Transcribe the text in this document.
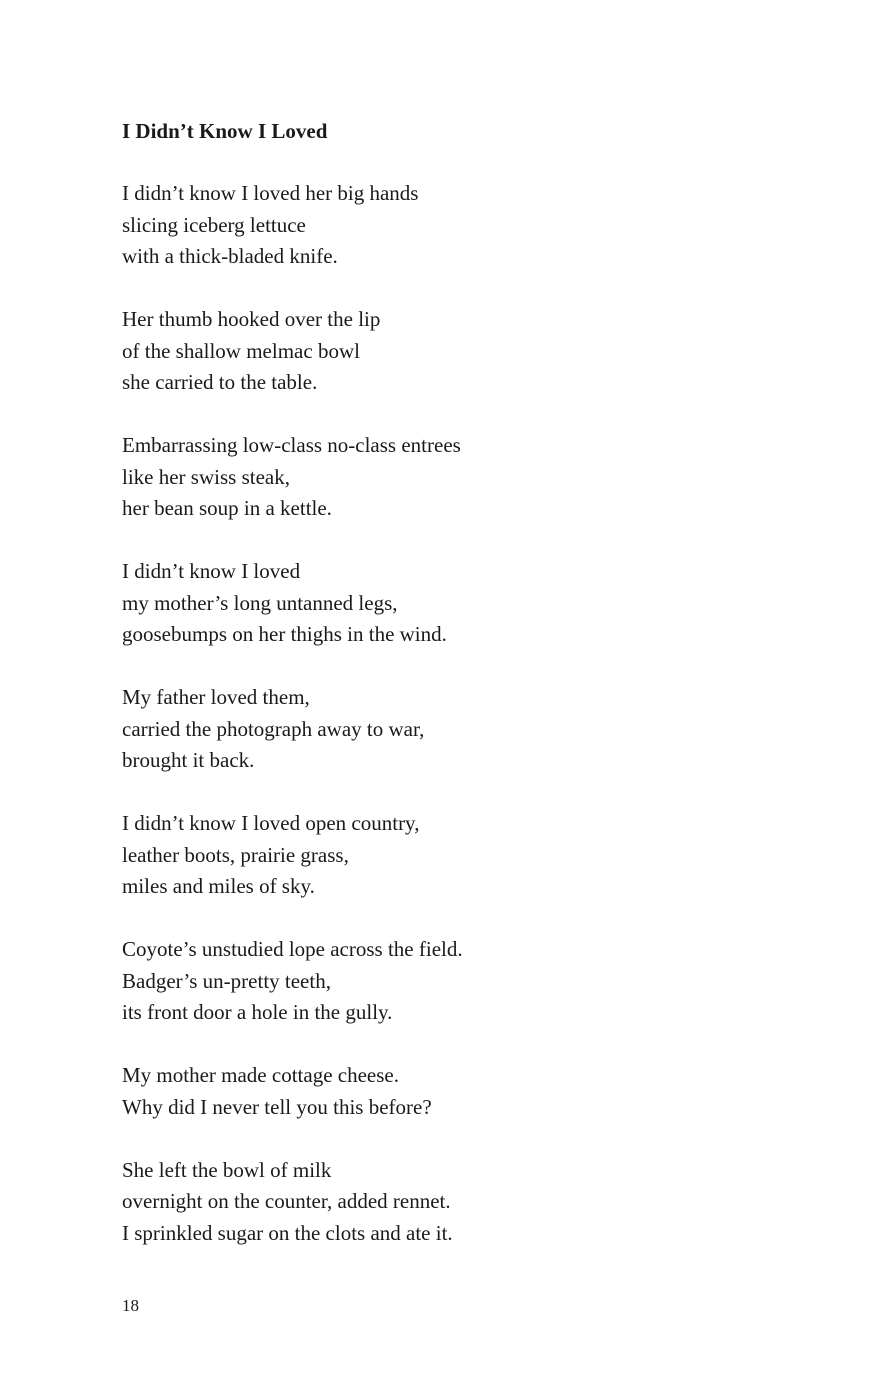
I Didn’t Know I Loved
I didn’t know I loved her big hands
slicing iceberg lettuce
with a thick-bladed knife.
Her thumb hooked over the lip
of the shallow melmac bowl
she carried to the table.
Embarrassing low-class no-class entrees
like her swiss steak,
her bean soup in a kettle.
I didn’t know I loved
my mother’s long untanned legs,
goosebumps on her thighs in the wind.
My father loved them,
carried the photograph away to war,
brought it back.
I didn’t know I loved open country,
leather boots, prairie grass,
miles and miles of sky.
Coyote’s unstudied lope across the field.
Badger’s un-pretty teeth,
its front door a hole in the gully.
My mother made cottage cheese.
Why did I never tell you this before?
She left the bowl of milk
overnight on the counter, added rennet.
I sprinkled sugar on the clots and ate it.
18
